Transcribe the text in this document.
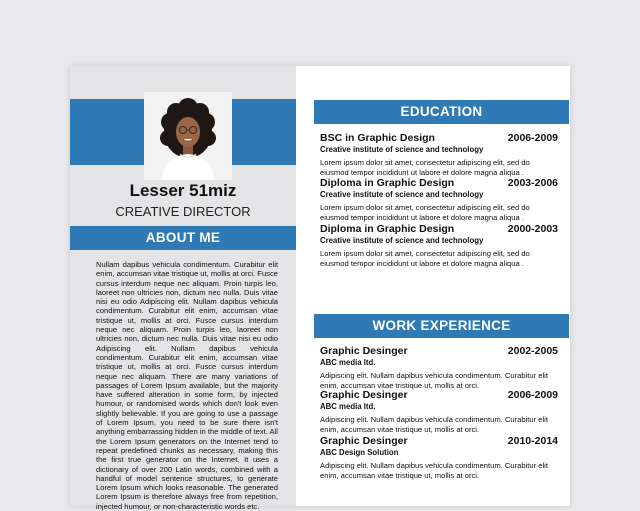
Lesser 51miz
CREATIVE DIRECTOR
ABOUT ME
Nullam dapibus vehicula condimentum. Curabitur elit enim, accumsan vitae tristique ut, mollis at orci. Fusce cursus interdum neque nec aliquam. Proin turpis leo, laoreet non ultricies non, dictum nec nulla. Duis vitae nisi eu odio Adipiscing elit. Nullam dapibus vehicula condimentum. Curabitur elit enim, accumsan vitae tristique ut, mollis at orci. Fusce cursus interdum neque nec aliquam. Proin turpis leo, laoreet non ultricies non, dictum nec nulla. Duis vitae nisi eu odio Adipiscing elit. Nullam dapibus vehicula condimentum. Curabitur elit enim, accumsan vitae tristique ut, mollis at orci. Fusce cursus interdum neque nec aliquam. There are many variations of passages of Lorem Ipsum available, but the majority have suffered alteration in some form, by injected humour, or randomised words which don't look even slightly believable. If you are going to use a passage of Lorem Ipsum, you need to be sure there isn't anything embarrassing hidden in the middle of text. All the Lorem Ipsum generators on the Internet tend to repeat predefined chunks as necessary, making this the first true generator on the Internet. It uses a dictionary of over 200 Latin words, combined with a handful of model sentence structures, to generate Lorem Ipsum which looks reasonable. The generated Lorem Ipsum is therefore always free from repetition, injected humour, or non-characteristic words etc.
EDUCATION
BSC in Graphic Design	2006-2009
Creative institute of science and technology
Lorem ipsum dolor sit amet, consectetur adipiscing elit, sed do eiusmod tempor incididunt ut labore et dolore magna aliqua .
Diploma in Graphic Design	2003-2006
Creative institute of science and technology
Lorem ipsum dolor sit amet, consectetur adipiscing elit, sed do eiusmod tempor incididunt ut labore et dolore magna aliqua .
Diploma in Graphic Design	2000-2003
Creative institute of science and technology
Lorem ipsum dolor sit amet, consectetur adipiscing elit, sed do eiusmod tempor incididunt ut labore et dolore magna aliqua .
WORK EXPERIENCE
Graphic Desinger	2002-2005
ABC media ltd.
Adipiscing elit. Nullam dapibus vehicula condimentum. Curabitur elit enim, accumsan vitae tristique ut, mollis at orci.
Graphic Desinger	2006-2009
ABC media ltd.
Adipiscing elit. Nullam dapibus vehicula condimentum. Curabitur elit enim, accumsan vitae tristique ut, mollis at orci.
Graphic Desinger	2010-2014
ABC Design Solution
Adipiscing elit. Nullam dapibus vehicula condimentum. Curabitur elit enim, accumsan vitae tristique ut, mollis at orci.
